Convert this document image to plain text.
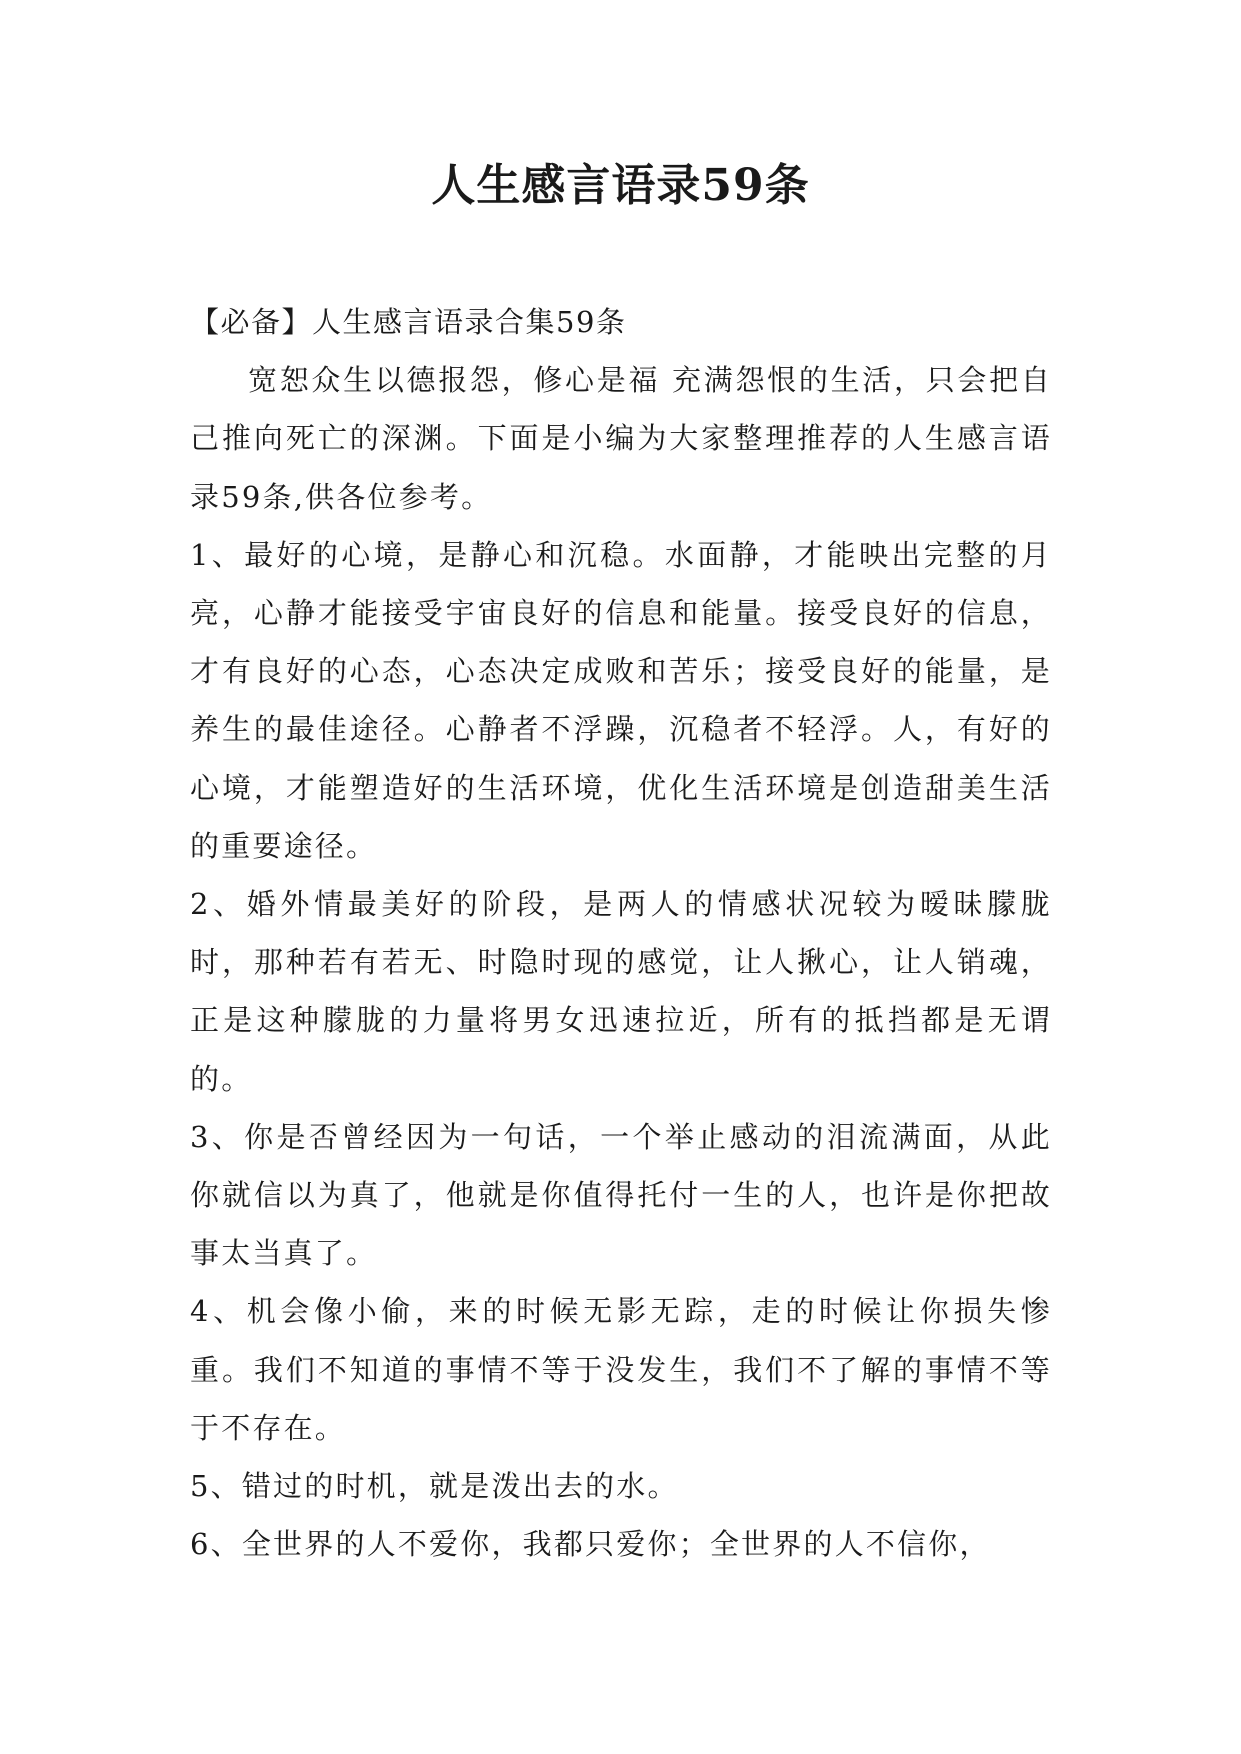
人生感言语录59条

【必备】人生感言语录合集59条

宽恕众生以德报怨，修心是福 充满怨恨的生活，只会把自己推向死亡的深渊。下面是小编为大家整理推荐的人生感言语录59条,供各位参考。

1、最好的心境，是静心和沉稳。水面静，才能映出完整的月亮，心静才能接受宇宙良好的信息和能量。接受良好的信息，才有良好的心态，心态决定成败和苦乐；接受良好的能量，是养生的最佳途径。心静者不浮躁，沉稳者不轻浮。人，有好的心境，才能塑造好的生活环境，优化生活环境是创造甜美生活的重要途径。

2、婚外情最美好的阶段，是两人的情感状况较为暧昧朦胧时，那种若有若无、时隐时现的感觉，让人揪心，让人销魂，正是这种朦胧的力量将男女迅速拉近，所有的抵挡都是无谓的。

3、你是否曾经因为一句话，一个举止感动的泪流满面，从此你就信以为真了，他就是你值得托付一生的人，也许是你把故事太当真了。

4、机会像小偷，来的时候无影无踪，走的时候让你损失惨重。我们不知道的事情不等于没发生，我们不了解的事情不等于不存在。

5、错过的时机，就是泼出去的水。

6、全世界的人不爱你，我都只爱你；全世界的人不信你，
